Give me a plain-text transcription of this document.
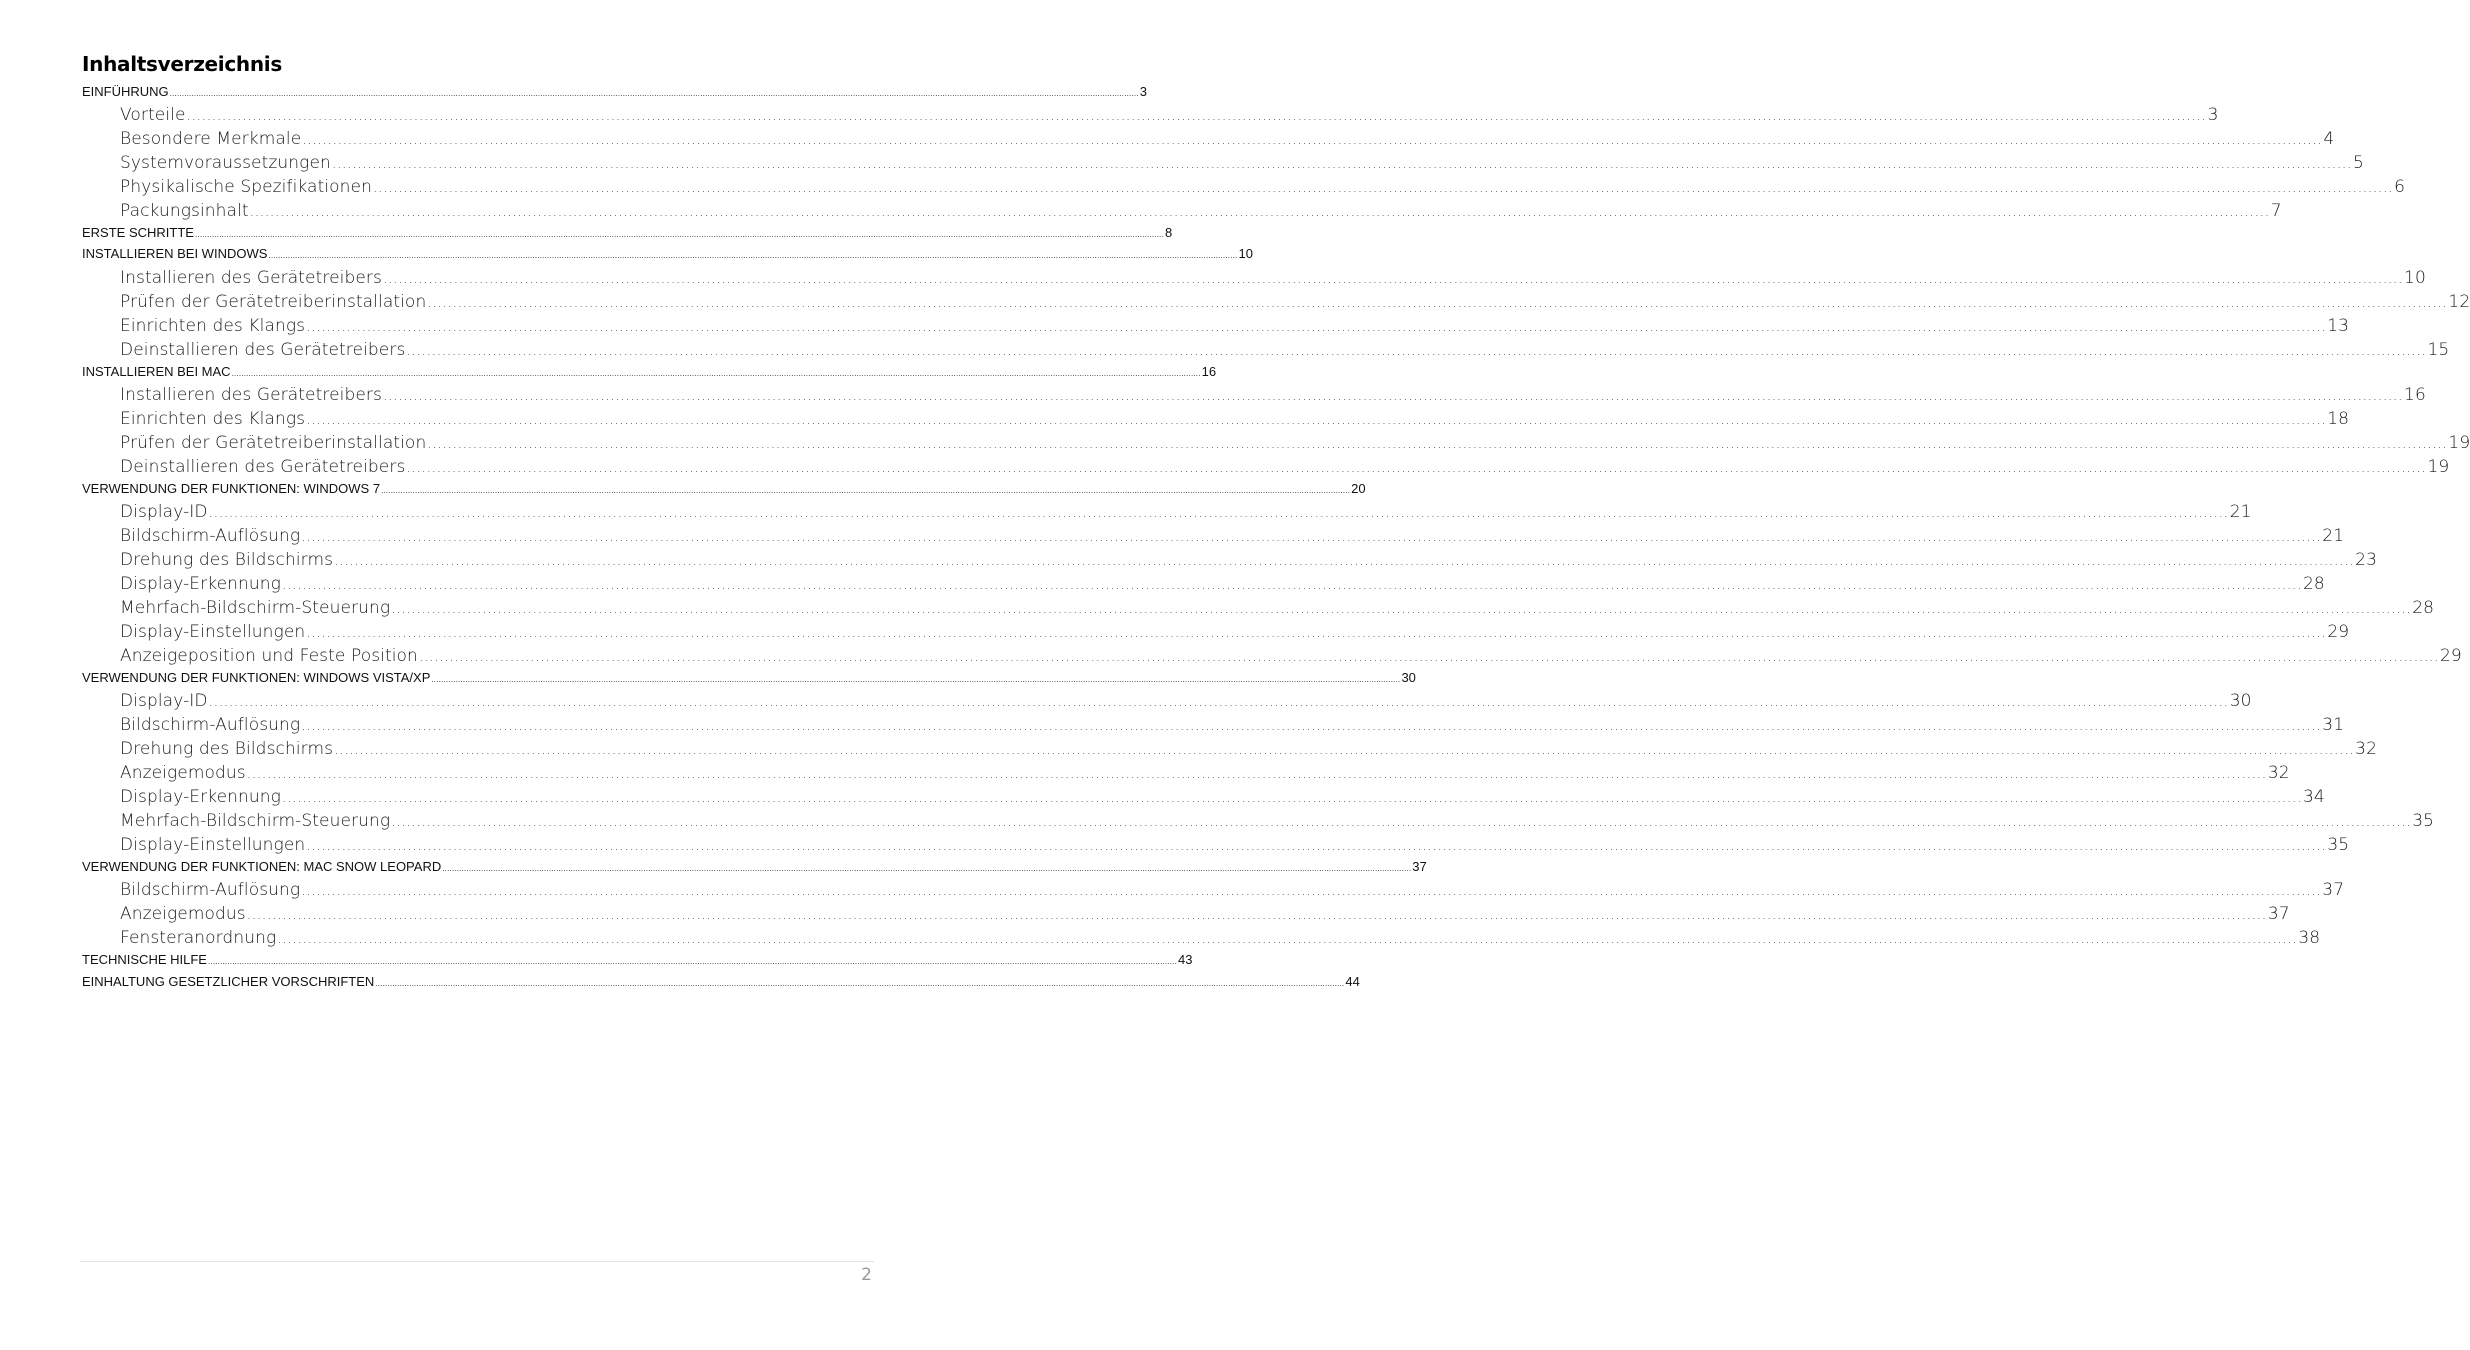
Inhaltsverzeichnis
EINFÜHRUNG ................................................................................................................................................................................................................................................................................................................................................................................................................ 3
Vorteile ................................................................................................................................................................................................................................................................................................................................................................................................................ 3
Besondere Merkmale ................................................................................................................................................................................................................................................................................................................................................................................................................ 4
Systemvoraussetzungen ................................................................................................................................................................................................................................................................................................................................................................................................................ 5
Physikalische Spezifikationen ................................................................................................................................................................................................................................................................................................................................................................................................................ 6
Packungsinhalt ................................................................................................................................................................................................................................................................................................................................................................................................................ 7
ERSTE SCHRITTE ................................................................................................................................................................................................................................................................................................................................................................................................................ 8
INSTALLIEREN BEI WINDOWS ................................................................................................................................................................................................................................................................................................................................................................................................................ 10
Installieren des Gerätetreibers ................................................................................................................................................................................................................................................................................................................................................................................................................ 10
Prüfen der Gerätetreiberinstallation ................................................................................................................................................................................................................................................................................................................................................................................................................ 12
Einrichten des Klangs ................................................................................................................................................................................................................................................................................................................................................................................................................ 13
Deinstallieren des Gerätetreibers ................................................................................................................................................................................................................................................................................................................................................................................................................ 15
INSTALLIEREN BEI MAC ................................................................................................................................................................................................................................................................................................................................................................................................................ 16
Installieren des Gerätetreibers ................................................................................................................................................................................................................................................................................................................................................................................................................ 16
Einrichten des Klangs ................................................................................................................................................................................................................................................................................................................................................................................................................ 18
Prüfen der Gerätetreiberinstallation ................................................................................................................................................................................................................................................................................................................................................................................................................ 19
Deinstallieren des Gerätetreibers ................................................................................................................................................................................................................................................................................................................................................................................................................ 19
VERWENDUNG DER FUNKTIONEN: WINDOWS 7 ................................................................................................................................................................................................................................................................................................................................................................................................................ 20
Display-ID ................................................................................................................................................................................................................................................................................................................................................................................................................ 21
Bildschirm-Auflösung ................................................................................................................................................................................................................................................................................................................................................................................................................ 21
Drehung des Bildschirms ................................................................................................................................................................................................................................................................................................................................................................................................................ 23
Display-Erkennung ................................................................................................................................................................................................................................................................................................................................................................................................................ 28
Mehrfach-Bildschirm-Steuerung ................................................................................................................................................................................................................................................................................................................................................................................................................ 28
Display-Einstellungen ................................................................................................................................................................................................................................................................................................................................................................................................................ 29
Anzeigeposition und Feste Position ................................................................................................................................................................................................................................................................................................................................................................................................................ 29
VERWENDUNG DER FUNKTIONEN: WINDOWS VISTA/XP ................................................................................................................................................................................................................................................................................................................................................................................................................ 30
Display-ID ................................................................................................................................................................................................................................................................................................................................................................................................................ 30
Bildschirm-Auflösung ................................................................................................................................................................................................................................................................................................................................................................................................................ 31
Drehung des Bildschirms ................................................................................................................................................................................................................................................................................................................................................................................................................ 32
Anzeigemodus ................................................................................................................................................................................................................................................................................................................................................................................................................ 32
Display-Erkennung ................................................................................................................................................................................................................................................................................................................................................................................................................ 34
Mehrfach-Bildschirm-Steuerung ................................................................................................................................................................................................................................................................................................................................................................................................................ 35
Display-Einstellungen ................................................................................................................................................................................................................................................................................................................................................................................................................ 35
VERWENDUNG DER FUNKTIONEN: MAC SNOW LEOPARD ................................................................................................................................................................................................................................................................................................................................................................................................................ 37
Bildschirm-Auflösung ................................................................................................................................................................................................................................................................................................................................................................................................................ 37
Anzeigemodus ................................................................................................................................................................................................................................................................................................................................................................................................................ 37
Fensteranordnung ................................................................................................................................................................................................................................................................................................................................................................................................................ 38
TECHNISCHE HILFE ................................................................................................................................................................................................................................................................................................................................................................................................................ 43
EINHALTUNG GESETZLICHER VORSCHRIFTEN ................................................................................................................................................................................................................................................................................................................................................................................................................ 44
2
